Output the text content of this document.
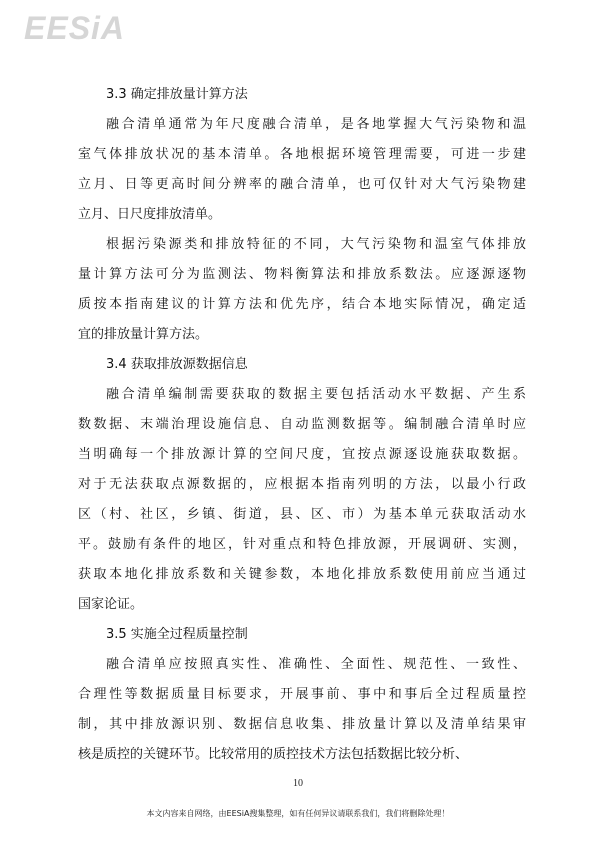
EESiA
3.3 确定排放量计算方法
融合清单通常为年尺度融合清单，是各地掌握大气污染物和温
室气体排放状况的基本清单。各地根据环境管理需要，可进一步建
立月、日等更高时间分辨率的融合清单，也可仅针对大气污染物建
立月、日尺度排放清单。
根据污染源类和排放特征的不同，大气污染物和温室气体排放
量计算方法可分为监测法、物料衡算法和排放系数法。应逐源逐物
质按本指南建议的计算方法和优先序，结合本地实际情况，确定适
宜的排放量计算方法。
3.4 获取排放源数据信息
融合清单编制需要获取的数据主要包括活动水平数据、产生系
数数据、末端治理设施信息、自动监测数据等。编制融合清单时应
当明确每一个排放源计算的空间尺度，宜按点源逐设施获取数据。
对于无法获取点源数据的，应根据本指南列明的方法，以最小行政
区（村、社区，乡镇、街道，县、区、市）为基本单元获取活动水
平。鼓励有条件的地区，针对重点和特色排放源，开展调研、实测，
获取本地化排放系数和关键参数，本地化排放系数使用前应当通过
国家论证。
3.5 实施全过程质量控制
融合清单应按照真实性、准确性、全面性、规范性、一致性、
合理性等数据质量目标要求，开展事前、事中和事后全过程质量控
制，其中排放源识别、数据信息收集、排放量计算以及清单结果审
核是质控的关键环节。比较常用的质控技术方法包括数据比较分析、
10
本文内容来自网络，由EESiA搜集整理，如有任何异议请联系我们，我们将删除处理！
